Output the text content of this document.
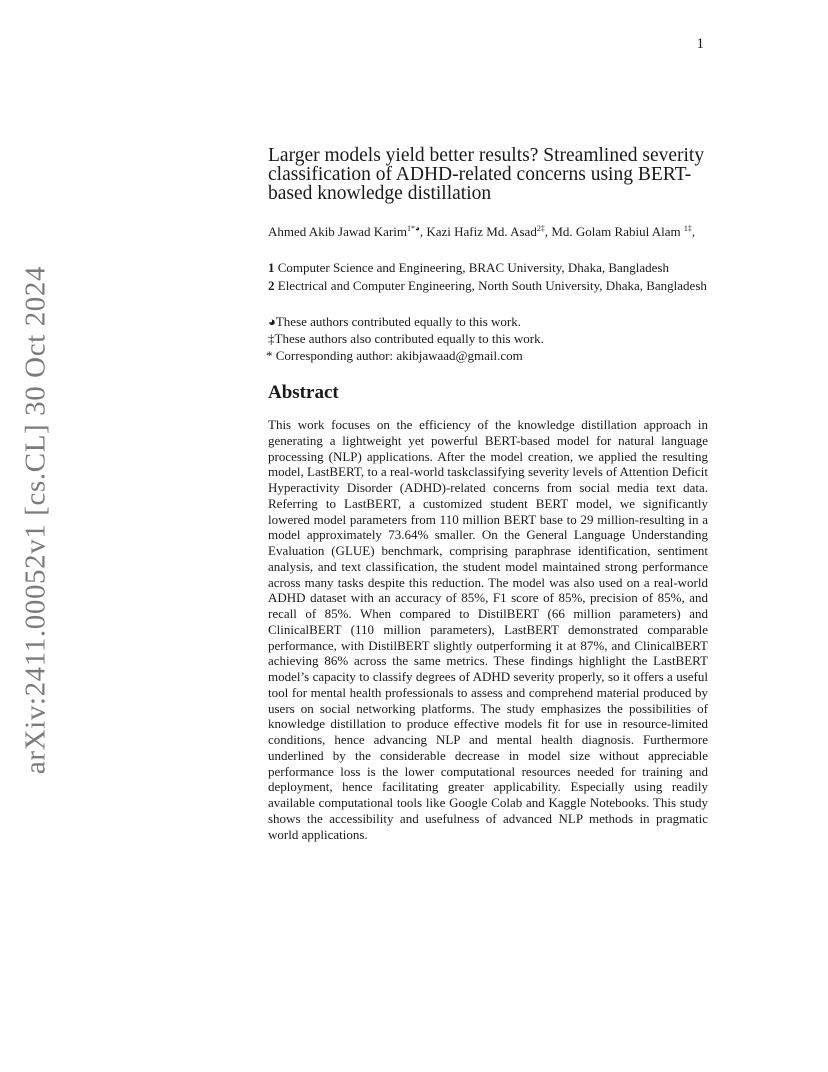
1
arXiv:2411.00052v1 [cs.CL] 30 Oct 2024
Larger models yield better results? Streamlined severity classification of ADHD-related concerns using BERT-based knowledge distillation
Ahmed Akib Jawad Karim$^{1*◕}$, Kazi Hafiz Md. Asad$^{2\ddagger}$, Md. Golam Rabiul Alam $^{1\ddagger}$,
1 Computer Science and Engineering, BRAC University, Dhaka, Bangladesh
2 Electrical and Computer Engineering, North South University, Dhaka, Bangladesh
◕These authors contributed equally to this work.
‡These authors also contributed equally to this work.
* Corresponding author: akibjawaad@gmail.com
Abstract

This work focuses on the efficiency of the knowledge distillation approach in generating a lightweight yet powerful BERT-based model for natural language processing (NLP) applications. After the model creation, we applied the resulting model, LastBERT, to a real-world taskclassifying severity levels of Attention Deficit Hyperactivity Disorder (ADHD)-related concerns from social media text data. Referring to LastBERT, a customized student BERT model, we significantly lowered model parameters from 110 million BERT base to 29 million-resulting in a model approximately 73.64% smaller. On the General Language Understanding Evaluation (GLUE) benchmark, comprising paraphrase identification, sentiment analysis, and text classification, the student model maintained strong performance across many tasks despite this reduction. The model was also used on a real-world ADHD dataset with an accuracy of 85%, F1 score of 85%, precision of 85%, and recall of 85%. When compared to DistilBERT (66 million parameters) and ClinicalBERT (110 million parameters), LastBERT demonstrated comparable performance, with DistilBERT slightly outperforming it at 87%, and ClinicalBERT achieving 86% across the same metrics. These findings highlight the LastBERT model’s capacity to classify degrees of ADHD severity properly, so it offers a useful tool for mental health professionals to assess and comprehend material produced by users on social networking platforms. The study emphasizes the possibilities of knowledge distillation to produce effective models fit for use in resource-limited conditions, hence advancing NLP and mental health diagnosis. Furthermore underlined by the considerable decrease in model size without appreciable performance loss is the lower computational resources needed for training and deployment, hence facilitating greater applicability. Especially using readily available computational tools like Google Colab and Kaggle Notebooks. This study shows the accessibility and usefulness of advanced NLP methods in pragmatic world applications.
